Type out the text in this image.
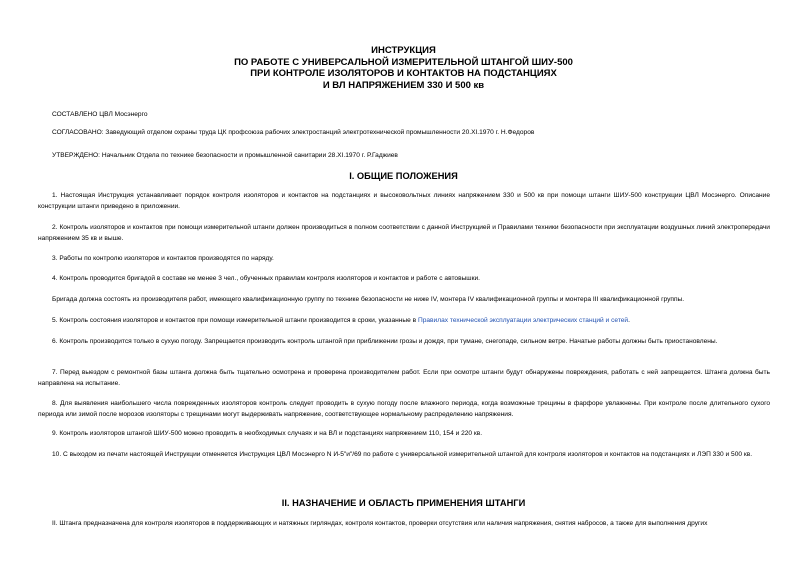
ИНСТРУКЦИЯ
ПО РАБОТЕ С УНИВЕРСАЛЬНОЙ ИЗМЕРИТЕЛЬНОЙ ШТАНГОЙ ШИУ-500
ПРИ КОНТРОЛЕ ИЗОЛЯТОРОВ И КОНТАКТОВ НА ПОДСТАНЦИЯХ
И ВЛ НАПРЯЖЕНИЕМ 330 И 500 кв
СОСТАВЛЕНО ЦВЛ Мосэнерго
СОГЛАСОВАНО: Заведующий отделом охраны труда ЦК профсоюза рабочих электростанций электротехнической промышленности 20.XI.1970 г. Н.Федоров
УТВЕРЖДЕНО: Начальник Отдела по технике безопасности и промышленной санитарии 28.XI.1970 г. Р.Гаджиев
I. ОБЩИЕ ПОЛОЖЕНИЯ
1. Настоящая Инструкция устанавливает порядок контроля изоляторов и контактов на подстанциях и высоковольтных линиях напряжением 330 и 500 кв при помощи штанги ШИУ-500 конструкции ЦВЛ Мосэнерго. Описание конструкции штанги приведено в приложении.
2. Контроль изоляторов и контактов при помощи измерительной штанги должен производиться в полном соответствии с данной Инструкцией и Правилами техники безопасности при эксплуатации воздушных линий электропередачи напряжением 35 кв и выше.
3. Работы по контролю изоляторов и контактов производятся по наряду.
4. Контроль проводится бригадой в составе не менее 3 чел., обученных правилам контроля изоляторов и контактов и работе с автовышки.
Бригада должна состоять из производителя работ, имеющего квалификационную группу по технике безопасности не ниже IV, монтера IV квалификационной группы и монтера III квалификационной группы.
5. Контроль состояния изоляторов и контактов при помощи измерительной штанги производится в сроки, указанные в Правилах технической эксплуатации электрических станций и сетей.
6. Контроль производится только в сухую погоду. Запрещается производить контроль штангой при приближении грозы и дождя, при тумане, снегопаде, сильном ветре. Начатые работы должны быть приостановлены.
7. Перед выездом с ремонтной базы штанга должна быть тщательно осмотрена и проверена производителем работ. Если при осмотре штанги будут обнаружены повреждения, работать с ней запрещается. Штанга должна быть направлена на испытание.
8. Для выявления наибольшего числа поврежденных изоляторов контроль следует проводить в сухую погоду после влажного периода, когда возможные трещины в фарфоре увлажнены. При контроле после длительного сухого периода или зимой после морозов изоляторы с трещинами могут выдерживать напряжение, соответствующее нормальному распределению напряжения.
9. Контроль изоляторов штангой ШИУ-500 можно проводить в необходимых случаях и на ВЛ и подстанциях напряжением 110, 154 и 220 кв.
10. С выходом из печати настоящей Инструкции отменяется Инструкция ЦВЛ Мосэнерго N И-5"и"/69 по работе с универсальной измерительной штангой для контроля изоляторов и контактов на подстанциях и ЛЭП 330 и 500 кв.
II. НАЗНАЧЕНИЕ И ОБЛАСТЬ ПРИМЕНЕНИЯ ШТАНГИ
II. Штанга предназначена для контроля изоляторов в поддерживающих и натяжных гирляндах, контроля контактов, проверки отсутствия или наличия напряжения, снятия набросов, а также для выполнения других
